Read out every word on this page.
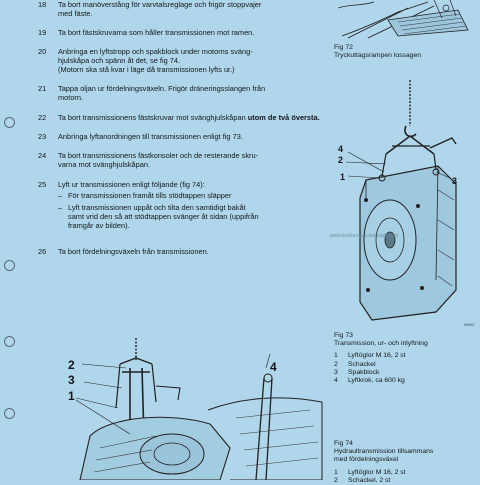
Fig 72
Tryckuttagsrampen lossagen
18	Ta bort manöverstång för varvtalsreglage och frigör stoppvajer
med fäste.
19	Ta bort fästskruvarna som håller transmissionen mot ramen.
20	Anbringa en lyftstropp och spakblock under motorns sväng-
hjulskåpa och spänn åt det, se fig 74.
(Motorn ska stå kvar i läge då transmissionen lyfts ur.)
21	Tappa oljan ur fördelningsväxeln. Frigör dräneringsslangen från
motorn.
22	Ta bort transmissionens fästskruvar mot svänghjulskåpan utom de två översta.
23	Anbringa lyftanordningen till transmissionen enligt fig 73.
24	Ta bort transmissionens fästkonsoler och de resterande skru-
varna mot svänghjulskåpan.
25	Lyft ur transmissionen enligt följande (fig 74):
– För transmissionen framåt tills stödtappen släpper
– Lyft transmissionen uppåt och tilta den samtidigt bakåt
samt vrid den så att stödtappen svänger åt sidan (uppifrån
framgår av bilden).
26	Ta bort fördelningsväxeln från transmissionen.
4
2
1	3
W902
www.trucksvolvo.manuals.com
Fig 73
Transmission, ur- och inlyftning
1 Lyftöglor M 16, 2 st
2 Schackel
3 Spakblock
4 Lyftkrok, ca 600 kg
2
3
1
4
Fig 74
Hydraultransmission tillsammans
med fördelningsväxel
1 Lyftöglor M 16, 2 st
2 Schackel, 2 st
